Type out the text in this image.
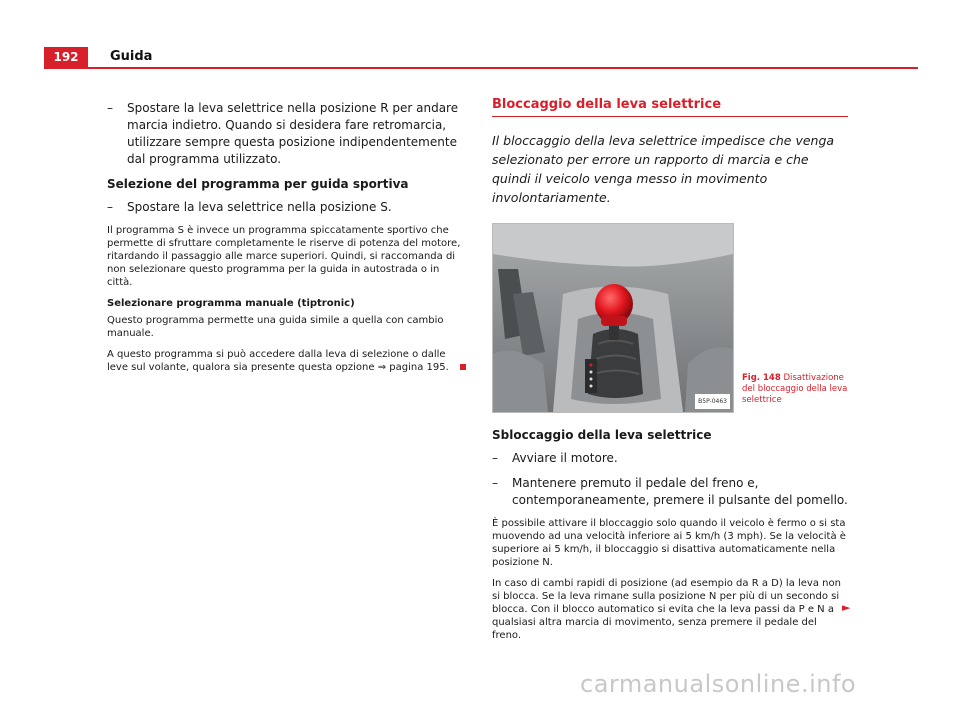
192	Guida
– Spostare la leva selettrice nella posizione R per andare marcia indietro. Quando si desidera fare retromarcia, utilizzare sempre questa posizione indipendentemente dal programma utilizzato.
Selezione del programma per guida sportiva
– Spostare la leva selettrice nella posizione S.

Il programma S è invece un programma spiccatamente sportivo che permette di sfruttare completamente le riserve di potenza del motore, ritardando il passaggio alle marce superiori. Quindi, si raccomanda di non selezionare questo programma per la guida in autostrada o in città.

Selezionare programma manuale (tiptronic)

Questo programma permette una guida simile a quella con cambio manuale.

A questo programma si può accedere dalla leva di selezione o dalle leve sul volante, qualora sia presente questa opzione ⇒ pagina 195.

Bloccaggio della leva selettrice
Il bloccaggio della leva selettrice impedisce che venga selezionato per errore un rapporto di marcia e che quindi il veicolo venga messo in movimento involontariamente.
B5P-0463
Fig. 148 Disattivazione del bloccaggio della leva selettrice
Sbloccaggio della leva selettrice
– Avviare il motore.
– Mantenere premuto il pedale del freno e, contemporaneamente, premere il pulsante del pomello.

È possibile attivare il bloccaggio solo quando il veicolo è fermo o si sta muovendo ad una velocità inferiore ai 5 km/h (3 mph). Se la velocità è superiore ai 5 km/h, il bloccaggio si disattiva automaticamente nella posizione N.

In caso di cambi rapidi di posizione (ad esempio da R a D) la leva non si blocca. Se la leva rimane sulla posizione N per più di un secondo si blocca. Con il blocco automatico si evita che la leva passi da P e N a qualsiasi altra marcia di movimento, senza premere il pedale del freno.
►

carmanualsonline.info
